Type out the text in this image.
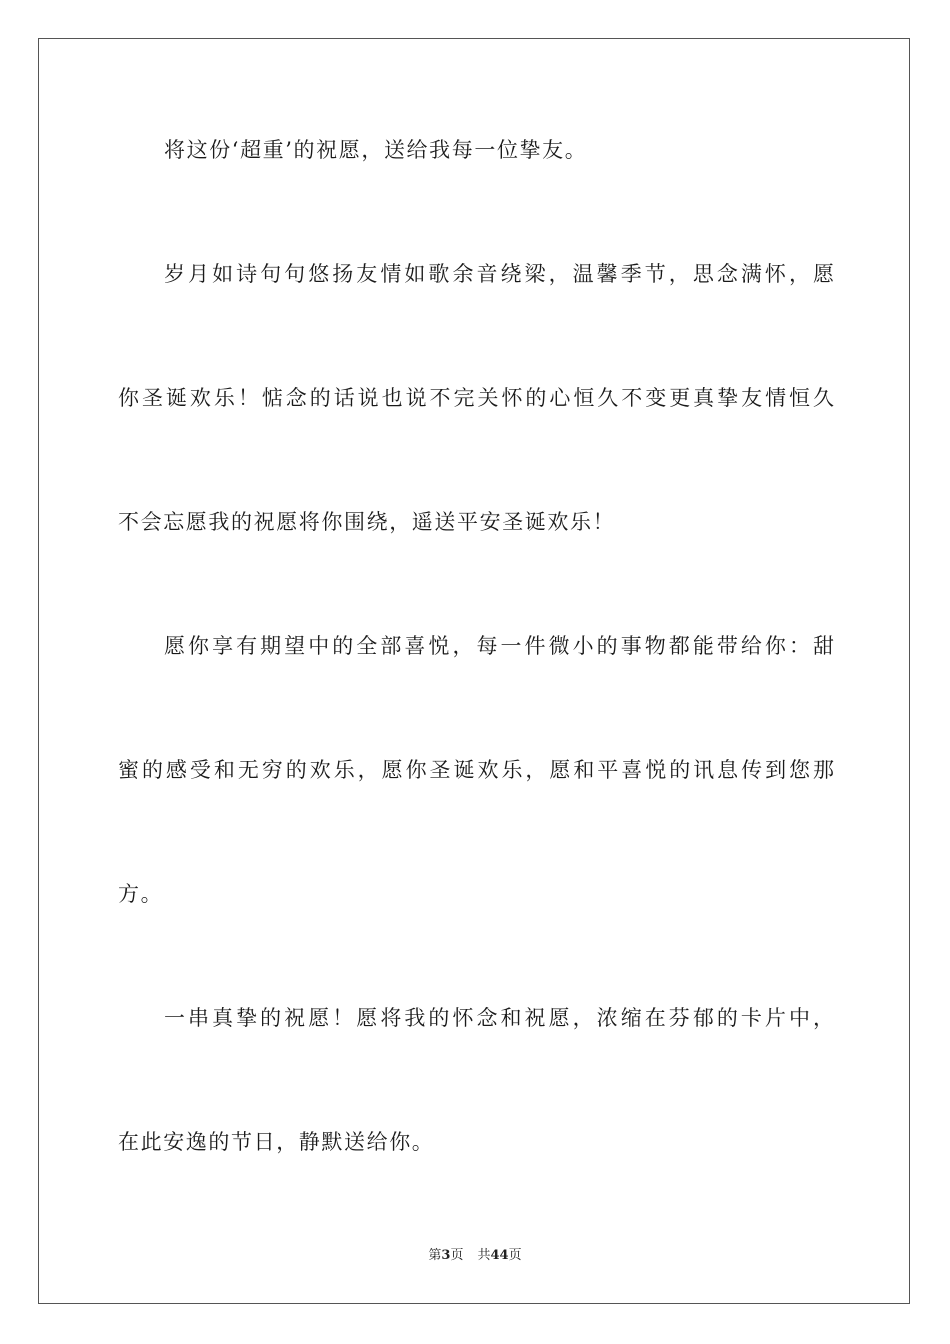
将这份‘超重’的祝愿，送给我每一位挚友。
岁月如诗句句悠扬友情如歌余音绕梁，温馨季节，思念满怀，愿
你圣诞欢乐！惦念的话说也说不完关怀的心恒久不变更真挚友情恒久
不会忘愿我的祝愿将你围绕，遥送平安圣诞欢乐！
愿你享有期望中的全部喜悦，每一件微小的事物都能带给你：甜
蜜的感受和无穷的欢乐，愿你圣诞欢乐，愿和平喜悦的讯息传到您那
方。
一串真挚的祝愿！愿将我的怀念和祝愿，浓缩在芬郁的卡片中，
在此安逸的节日，静默送给你。
第3页 共44页
